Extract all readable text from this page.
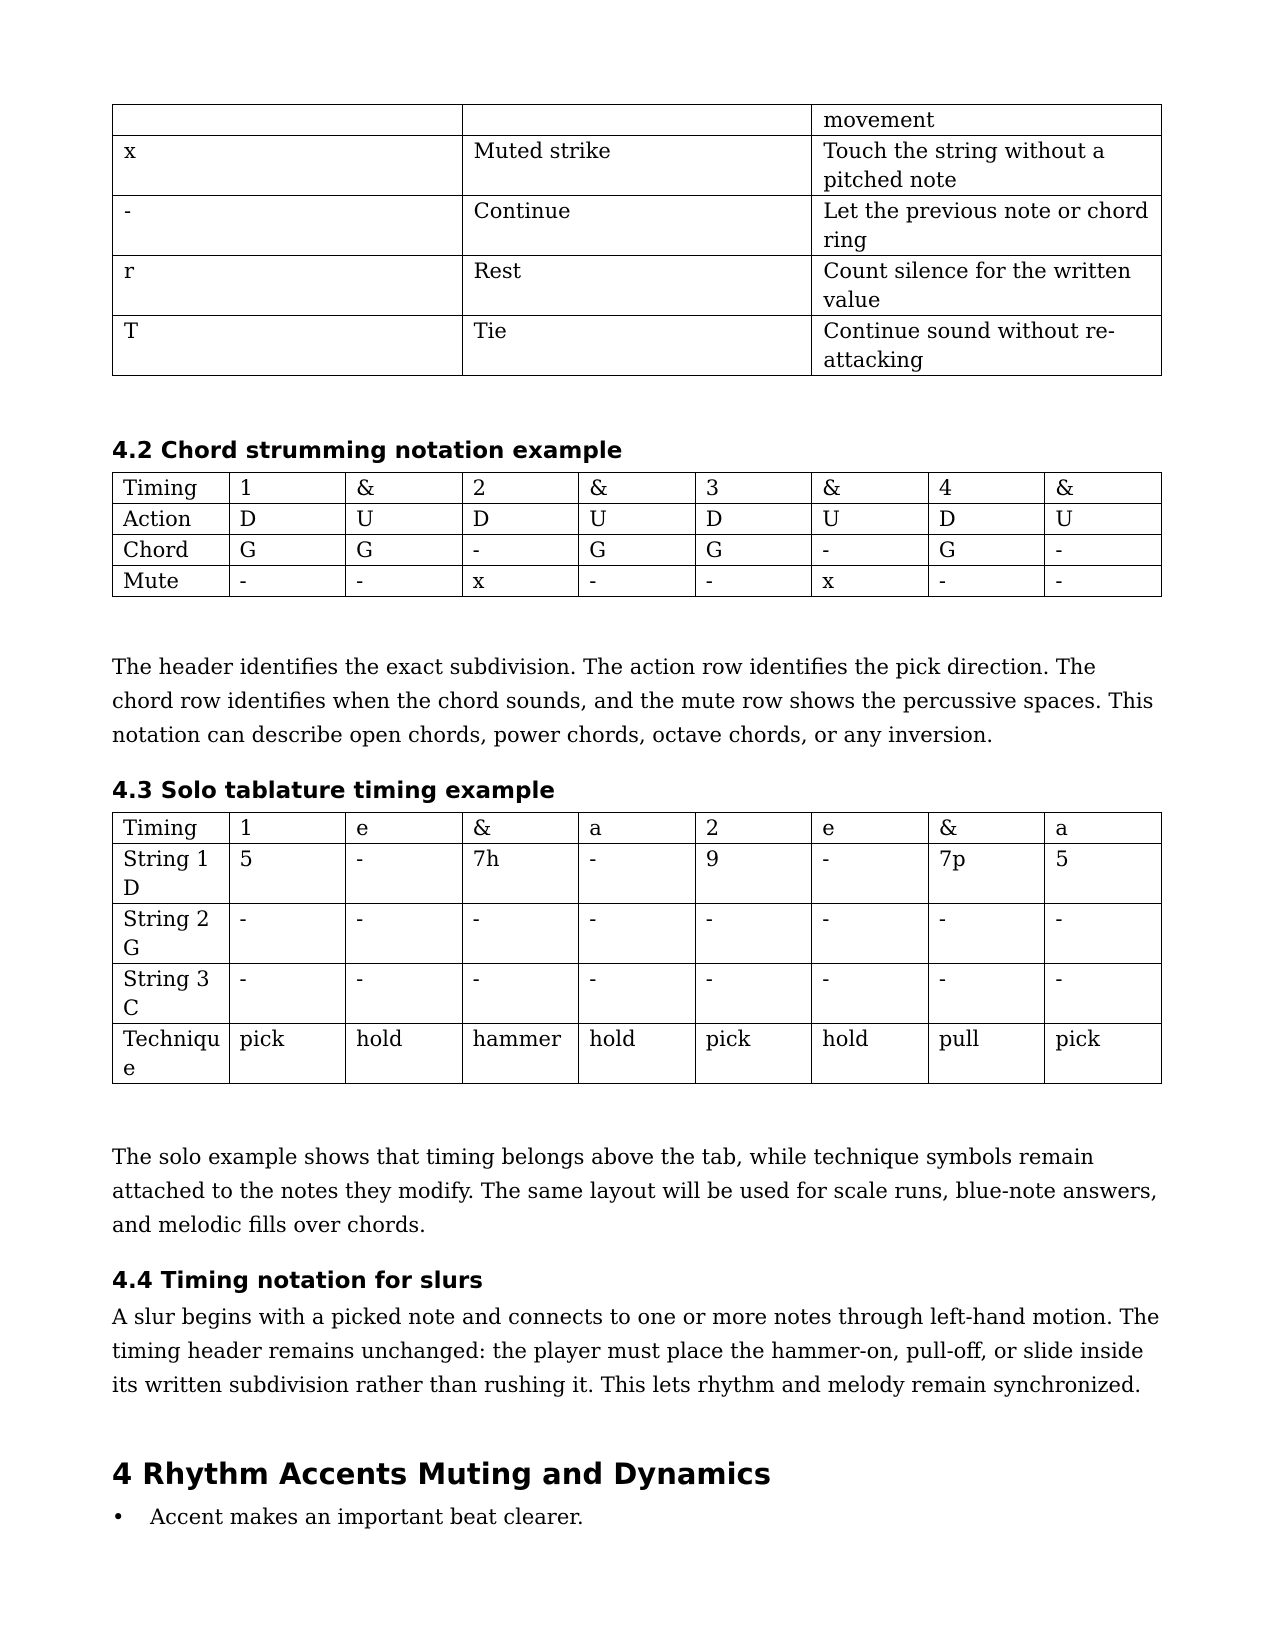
		movement
x	Muted strike	Touch the string without a pitched note
-	Continue	Let the previous note or chord ring
r	Rest	Count silence for the written value
T	Tie	Continue sound without re-attacking
4.2 Chord strumming notation example
Timing	1	&	2	&	3	&	4	&
Action	D	U	D	U	D	U	D	U
Chord	G	G	-	G	G	-	G	-
Mute	-	-	x	-	-	x	-	-

The header identifies the exact subdivision. The action row identifies the pick direction. The chord row identifies when the chord sounds, and the mute row shows the percussive spaces. This notation can describe open chords, power chords, octave chords, or any inversion.

4.3 Solo tablature timing example
Timing	1	e	&	a	2	e	&	a
String 1 D	5	-	7h	-	9	-	7p	5
String 2 G	-	-	-	-	-	-	-	-
String 3 C	-	-	-	-	-	-	-	-
Technique	pick	hold	hammer	hold	pick	hold	pull	pick

The solo example shows that timing belongs above the tab, while technique symbols remain attached to the notes they modify. The same layout will be used for scale runs, blue-note answers, and melodic fills over chords.

4.4 Timing notation for slurs

A slur begins with a picked note and connects to one or more notes through left-hand motion. The timing header remains unchanged: the player must place the hammer-on, pull-off, or slide inside its written subdivision rather than rushing it. This lets rhythm and melody remain synchronized.

4 Rhythm Accents Muting and Dynamics
• Accent makes an important beat clearer.
